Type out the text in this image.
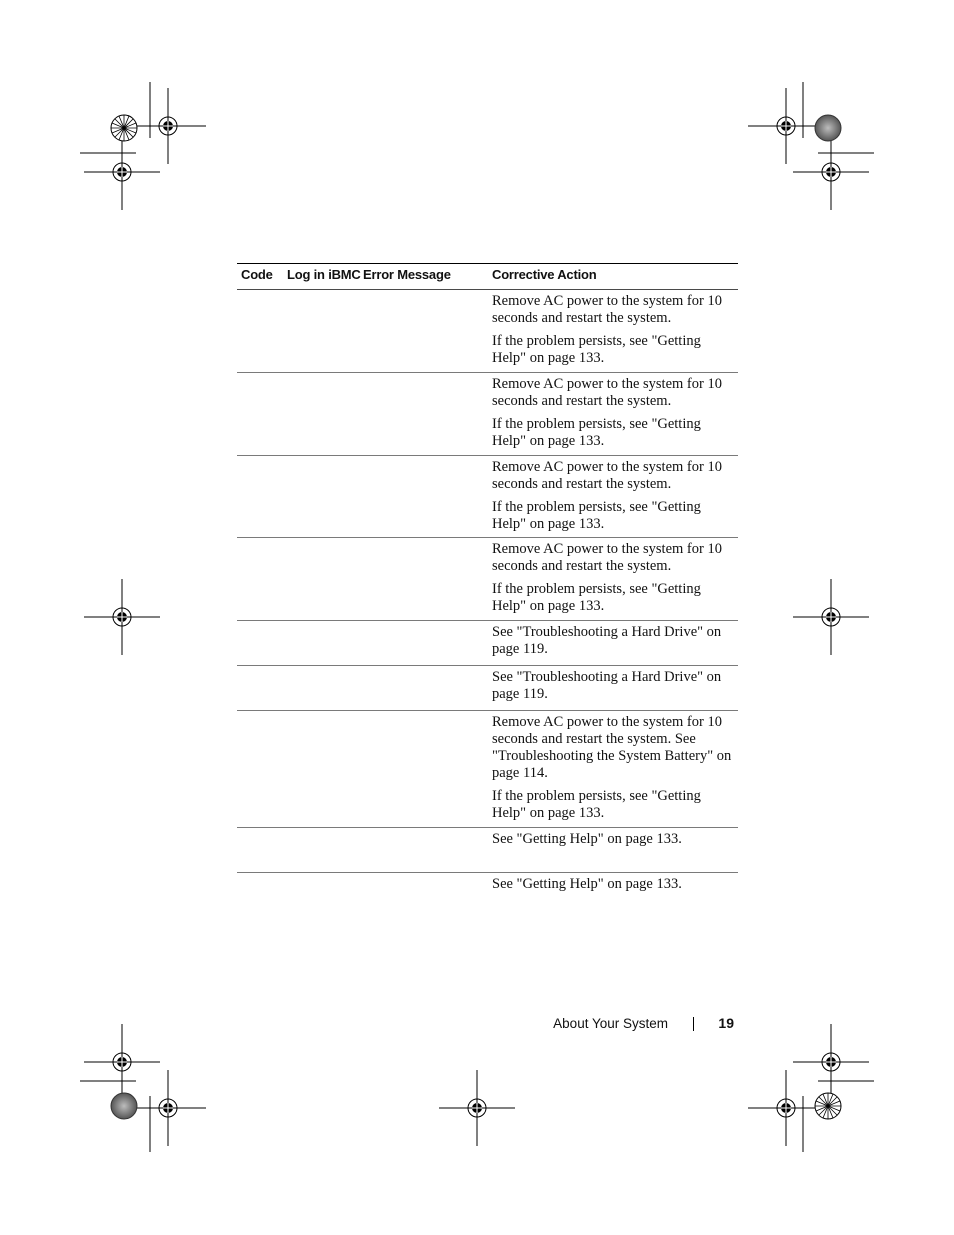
Code Log in iBMC Error Message	Corrective Action

Remove AC power to the system for 10 seconds and restart the system.

If the problem persists, see "Getting Help" on page 133.

Remove AC power to the system for 10 seconds and restart the system.

If the problem persists, see "Getting Help" on page 133.

Remove AC power to the system for 10 seconds and restart the system.

If the problem persists, see "Getting Help" on page 133.

Remove AC power to the system for 10 seconds and restart the system.

If the problem persists, see "Getting Help" on page 133.

See "Troubleshooting a Hard Drive" on page 119.

See "Troubleshooting a Hard Drive" on page 119.

Remove AC power to the system for 10 seconds and restart the system. See "Troubleshooting the System Battery" on page 114.

If the problem persists, see "Getting Help" on page 133.

See "Getting Help" on page 133.

See "Getting Help" on page 133.

About Your System	19
